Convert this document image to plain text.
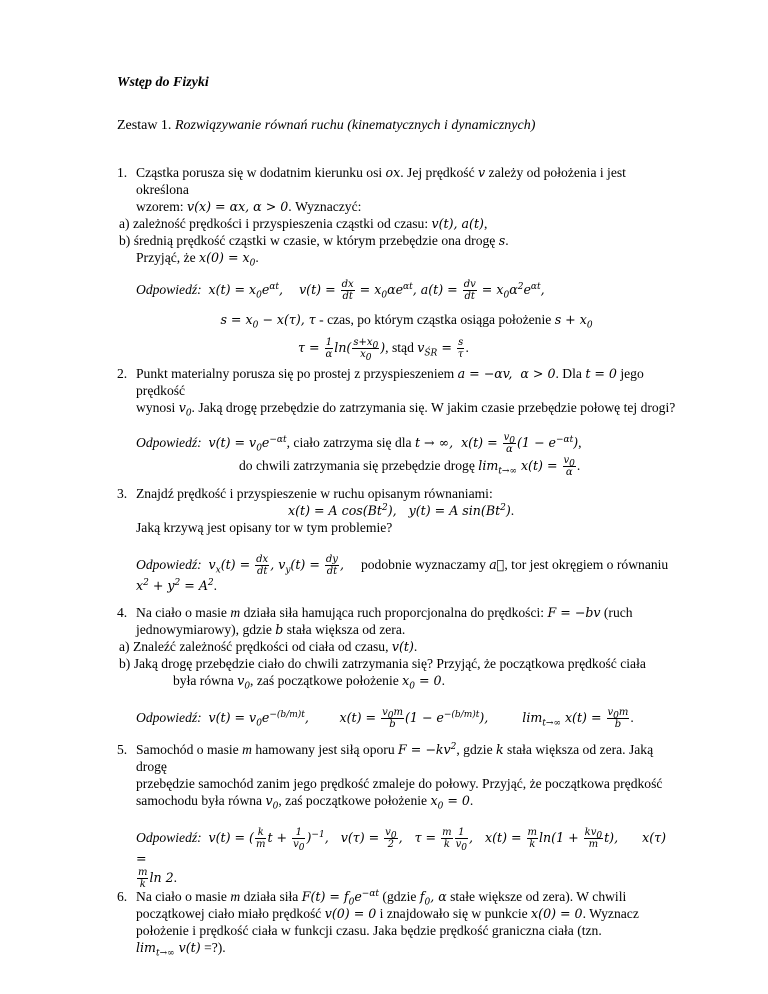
Wstęp do Fizyki
Zestaw 1. Rozwiązywanie równań ruchu (kinematycznych i dynamicznych)
1. Cząstka porusza się w dodatnim kierunku osi ox. Jej prędkość v zależy od położenia i jest określona

wzorem: v(x) = αx, α > 0. Wyznaczyć:

a) zależność prędkości i przyspieszenia cząstki od czasu: v(t), a(t),

b) średnią prędkość cząstki w czasie, w którym przebędzie ona drogę s.

Przyjąć, że $x(0) = x_0$.

Odpowiedź: $x(t) = x_0e^{\alpha t}$,    $v(t) = \frac{dx}{dt} = x_0\alpha e^{\alpha t}$, $a(t) = \frac{dv}{dt} = x_0\alpha^2e^{\alpha t}$,

$s = x_0 - x(\tau)$, τ - czas, po którym cząstka osiąga położenie $s + x_0$

$\tau = \frac{1}{\alpha} \ln( \frac{s+x_0}{x_0}$ ), stąd $v_{ŚR} = \frac{s}{\tau}$ .

2. Punkt materialny porusza się po prostej z przyspieszeniem a = −αv,  α > 0. Dla t = 0 jego prędkość

wynosi $v_0$. Jaką drogę przebędzie do zatrzymania się. W jakim czasie przebędzie połowę tej drogi?

Odpowiedź: $v(t) = v_0e^{-\alpha t}$, ciało zatrzyma się dla t → ∞,  $x(t) = \frac{v_0}{\alpha} (1 - e^{-\alpha t})$,

do chwili zatrzymania się przebędzie drogę $\lim_{t\to\infty} x(t) = \frac{v_0}{\alpha}$ .

3. Znajdź prędkość i przyspieszenie w ruchu opisanym równaniami:

x(t) = A cos(Bt$^2$),   y(t) = A sin(Bt$^2$).

Jaką krzywą jest opisany tor w tym problemie?

Odpowiedź: $v_x(t) = \frac{dx}{dt}$ , $v_y(t) = \frac{dy}{dt}$ , podobnie wyznaczamy a⃗, tor jest okręgiem o równaniu

$x^2 + y^2 = A^2$.

4. Na ciało o masie m działa siła hamująca ruch proporcjonalna do prędkości: F = −bv (ruch

jednowymiarowy), gdzie b stała większa od zera.

a) Znaleźć zależność prędkości od ciała od czasu, v(t).

b) Jaką drogę przebędzie ciało do chwili zatrzymania się? Przyjąć, że początkowa prędkość ciała

była równa $v_0$, zaś początkowe położenie $x_0 = 0$.

Odpowiedź: $v(t) = v_0e^{-(b/m)t}$, $x(t) = \frac{v_0m}{b} (1 - e^{-(b/m)t})$,	$\lim_{t\to\infty} x(t) = \frac{v_0m}{b}$ .

5. Samochód o masie m hamowany jest siłą oporu $F = -kv^2$, gdzie k stała większa od zera. Jaką drogę

przebędzie samochód zanim jego prędkość zmaleje do połowy. Przyjąć, że początkowa prędkość

samochodu była równa $v_0$, zaś początkowe położenie $x_0 = 0$.

Odpowiedź: v(t) = ( $\frac{k}{m}$ $t + \frac{1}{v_0} )^{-1}$,   $v(\tau) = \frac{v_0}{2}$ ,   $\tau = \frac{m}{k} \frac{1}{v_0}$ ,   $x(t) = \frac{m}{k} \ln(1 + \frac{kv_0}{m} t)$,      x(τ) =

$\frac{m}{k}$ ln 2.

6. Na ciało o masie m działa siła $F(t) = f_0e^{-\alpha t}$ (gdzie $f_0$, α stałe większe od zera). W chwili

początkowej ciało miało prędkość v(0) = 0 i znajdowało się w punkcie x(0) = 0. Wyznacz

położenie i prędkość ciała w funkcji czasu. Jaka będzie prędkość graniczna ciała (tzn.

$\lim_{t\to\infty} v(t)$ =?).
